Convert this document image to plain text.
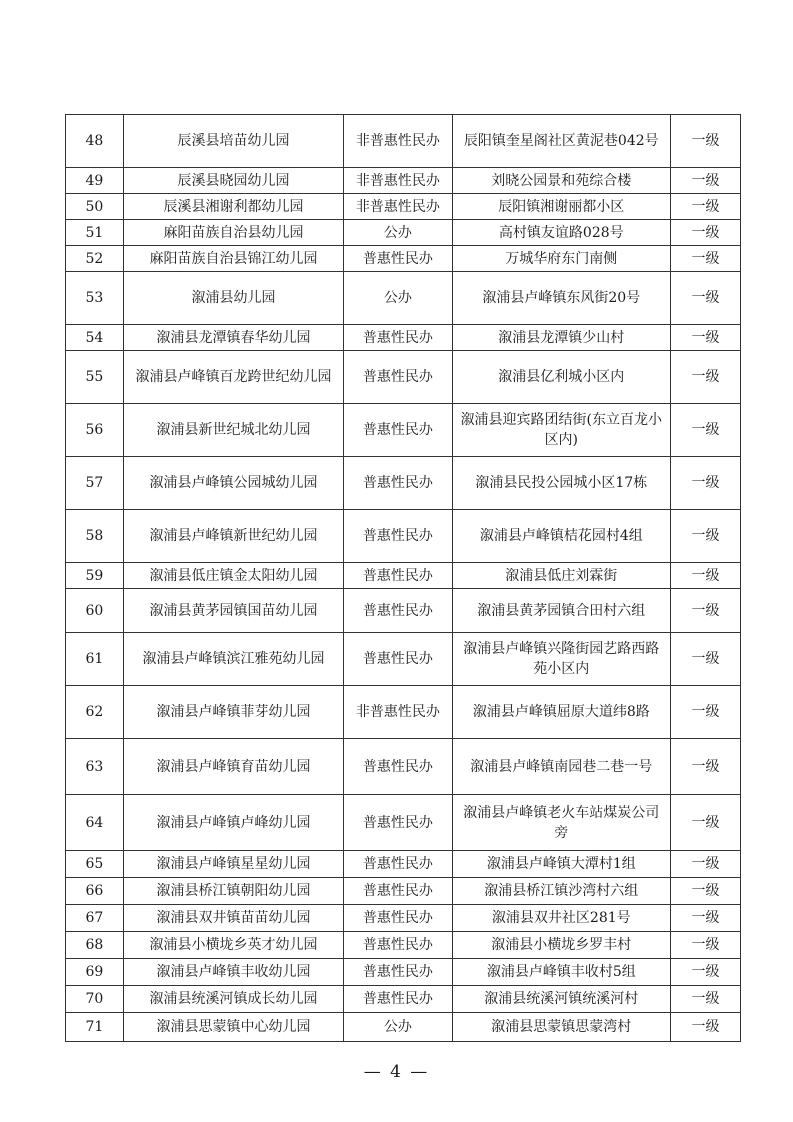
48	辰溪县培苗幼儿园	非普惠性民办	辰阳镇奎星阁社区黄泥巷042号	一级
49	辰溪县晓园幼儿园	非普惠性民办	刘晓公园景和苑综合楼	一级
50	辰溪县湘谢利都幼儿园	非普惠性民办	辰阳镇湘谢丽都小区	一级
51	麻阳苗族自治县幼儿园	公办	高村镇友谊路028号	一级
52	麻阳苗族自治县锦江幼儿园	普惠性民办	万城华府东门南侧	一级
53	溆浦县幼儿园	公办	溆浦县卢峰镇东风街20号	一级
54	溆浦县龙潭镇春华幼儿园	普惠性民办	溆浦县龙潭镇少山村	一级
55	溆浦县卢峰镇百龙跨世纪幼儿园	普惠性民办	溆浦县亿利城小区内	一级
56	溆浦县新世纪城北幼儿园	普惠性民办	溆浦县迎宾路团结街(东立百龙小区内)	一级
57	溆浦县卢峰镇公园城幼儿园	普惠性民办	溆浦县民投公园城小区17栋	一级
58	溆浦县卢峰镇新世纪幼儿园	普惠性民办	溆浦县卢峰镇桔花园村4组	一级
59	溆浦县低庄镇金太阳幼儿园	普惠性民办	溆浦县低庄刘霖街	一级
60	溆浦县黄茅园镇国苗幼儿园	普惠性民办	溆浦县黄茅园镇合田村六组	一级
61	溆浦县卢峰镇滨江雅苑幼儿园	普惠性民办	溆浦县卢峰镇兴隆街园艺路西路苑小区内	一级
62	溆浦县卢峰镇菲芽幼儿园	非普惠性民办	溆浦县卢峰镇屈原大道纬8路	一级
63	溆浦县卢峰镇育苗幼儿园	普惠性民办	溆浦县卢峰镇南园巷二巷一号	一级
64	溆浦县卢峰镇卢峰幼儿园	普惠性民办	溆浦县卢峰镇老火车站煤炭公司旁	一级
65	溆浦县卢峰镇星星幼儿园	普惠性民办	溆浦县卢峰镇大潭村1组	一级
66	溆浦县桥江镇朝阳幼儿园	普惠性民办	溆浦县桥江镇沙湾村六组	一级
67	溆浦县双井镇苗苗幼儿园	普惠性民办	溆浦县双井社区281号	一级
68	溆浦县小横垅乡英才幼儿园	普惠性民办	溆浦县小横垅乡罗丰村	一级
69	溆浦县卢峰镇丰收幼儿园	普惠性民办	溆浦县卢峰镇丰收村5组	一级
70	溆浦县统溪河镇成长幼儿园	普惠性民办	溆浦县统溪河镇统溪河村	一级
71	溆浦县思蒙镇中心幼儿园	公办	溆浦县思蒙镇思蒙湾村	一级
— 4 —
